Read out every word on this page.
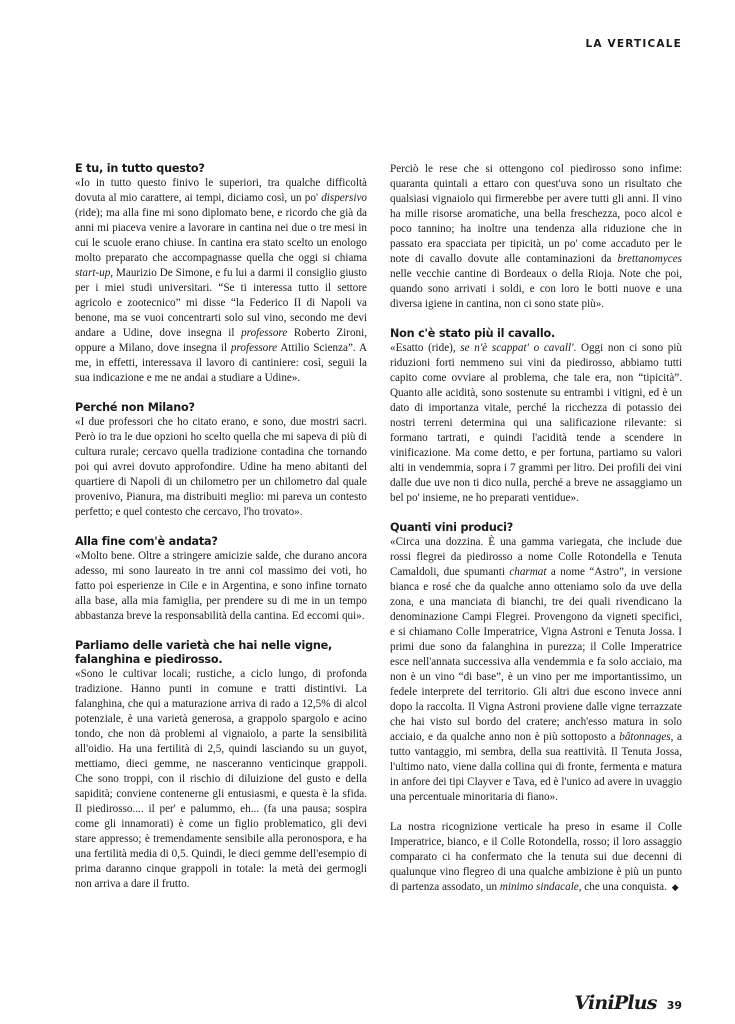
LA VERTICALE

E tu, in tutto questo?

«Io in tutto questo finivo le superiori, tra qualche difficoltà dovuta al mio carattere, ai tempi, diciamo così, un po' dispersivo (ride); ma alla fine mi sono diplomato bene, e ricordo che già da anni mi piaceva venire a lavorare in cantina nei due o tre mesi in cui le scuole erano chiuse. In cantina era stato scelto un enologo molto preparato che accompagnasse quella che oggi si chiama start-up, Maurizio De Simone, e fu lui a darmi il consiglio giusto per i miei studi universitari. “Se ti interessa tutto il settore agricolo e zootecnico” mi disse “la Federico II di Napoli va benone, ma se vuoi concentrarti solo sul vino, secondo me devi andare a Udine, dove insegna il professore Roberto Zironi, oppure a Milano, dove insegna il professore Attilio Scienza”. A me, in effetti, interessava il lavoro di cantiniere: così, seguii la sua indicazione e me ne andai a studiare a Udine».

Perché non Milano?

«I due professori che ho citato erano, e sono, due mostri sacri. Però io tra le due opzioni ho scelto quella che mi sapeva di più di cultura rurale; cercavo quella tradizione contadina che tornando poi qui avrei dovuto approfondire. Udine ha meno abitanti del quartiere di Napoli di un chilometro per un chilometro dal quale provenivo, Pianura, ma distribuiti meglio: mi pareva un contesto perfetto; e quel contesto che cercavo, l'ho trovato».

Alla fine com'è andata?

«Molto bene. Oltre a stringere amicizie salde, che durano ancora adesso, mi sono laureato in tre anni col massimo dei voti, ho fatto poi esperienze in Cile e in Argentina, e sono infine tornato alla base, alla mia famiglia, per prendere su di me in un tempo abbastanza breve la responsabilità della cantina. Ed eccomi qui».

Parliamo delle varietà che hai nelle vigne, falanghina e piedirosso.

«Sono le cultivar locali; rustiche, a ciclo lungo, di profonda tradizione. Hanno punti in comune e tratti distintivi. La falanghina, che qui a maturazione arriva di rado a 12,5% di alcol potenziale, è una varietà generosa, a grappolo spargolo e acino tondo, che non dà problemi al vignaiolo, a parte la sensibilità all'oidio. Ha una fertilità di 2,5, quindi lasciando su un guyot, mettiamo, dieci gemme, ne nasceranno venticinque grappoli. Che sono troppi, con il rischio di diluizione del gusto e della sapidità; conviene contenerne gli entusiasmi, e questa è la sfida. Il piedirosso.... il per' e palummo, eh... (fa una pausa; sospira come gli innamorati) è come un figlio problematico, gli devi stare appresso; è tremendamente sensibile alla peronospora, e ha una fertilità media di 0,5. Quindi, le dieci gemme dell'esempio di prima daranno cinque grappoli in totale: la metà dei germogli non arriva a dare il frutto.

Perciò le rese che si ottengono col piedirosso sono infime: quaranta quintali a ettaro con quest'uva sono un risultato che qualsiasi vignaiolo qui firmerebbe per avere tutti gli anni. Il vino ha mille risorse aromatiche, una bella freschezza, poco alcol e poco tannino; ha inoltre una tendenza alla riduzione che in passato era spacciata per tipicità, un po' come accaduto per le note di cavallo dovute alle contaminazioni da brettanomyces nelle vecchie cantine di Bordeaux o della Rioja. Note che poi, quando sono arrivati i soldi, e con loro le botti nuove e una diversa igiene in cantina, non ci sono state più».

Non c'è stato più il cavallo.

«Esatto (ride), se n'è scappat' o cavall'. Oggi non ci sono più riduzioni forti nemmeno sui vini da piedirosso, abbiamo tutti capito come ovviare al problema, che tale era, non “tipicità”. Quanto alle acidità, sono sostenute su entrambi i vitigni, ed è un dato di importanza vitale, perché la ricchezza di potassio dei nostri terreni determina qui una salificazione rilevante: si formano tartrati, e quindi l'acidità tende a scendere in vinificazione. Ma come detto, e per fortuna, partiamo su valori alti in vendemmia, sopra i 7 grammi per litro. Dei profili dei vini dalle due uve non ti dico nulla, perché a breve ne assaggiamo un bel po' insieme, ne ho preparati ventidue».

Quanti vini produci?

«Circa una dozzina. È una gamma variegata, che include due rossi flegrei da piedirosso a nome Colle Rotondella e Tenuta Camaldoli, due spumanti charmat a nome “Astro”, in versione bianca e rosé che da qualche anno otteniamo solo da uve della zona, e una manciata di bianchi, tre dei quali rivendicano la denominazione Campi Flegrei. Provengono da vigneti specifici, e si chiamano Colle Imperatrice, Vigna Astroni e Tenuta Jossa. I primi due sono da falanghina in purezza; il Colle Imperatrice esce nell'annata successiva alla vendemmia e fa solo acciaio, ma non è un vino “di base”, è un vino per me importantissimo, un fedele interprete del territorio. Gli altri due escono invece anni dopo la raccolta. Il Vigna Astroni proviene dalle vigne terrazzate che hai visto sul bordo del cratere; anch'esso matura in solo acciaio, e da qualche anno non è più sottoposto a bâtonnages, a tutto vantaggio, mi sembra, della sua reattività. Il Tenuta Jossa, l'ultimo nato, viene dalla collina qui di fronte, fermenta e matura in anfore dei tipi Clayver e Tava, ed è l'unico ad avere in uvaggio una percentuale minoritaria di fiano».

La nostra ricognizione verticale ha preso in esame il Colle Imperatrice, bianco, e il Colle Rotondella, rosso; il loro assaggio comparato ci ha confermato che la tenuta sui due decenni di qualunque vino flegreo di una qualche ambizione è più un punto di partenza assodato, un minimo sindacale, che una conquista. ◆

ViniPlus 39
